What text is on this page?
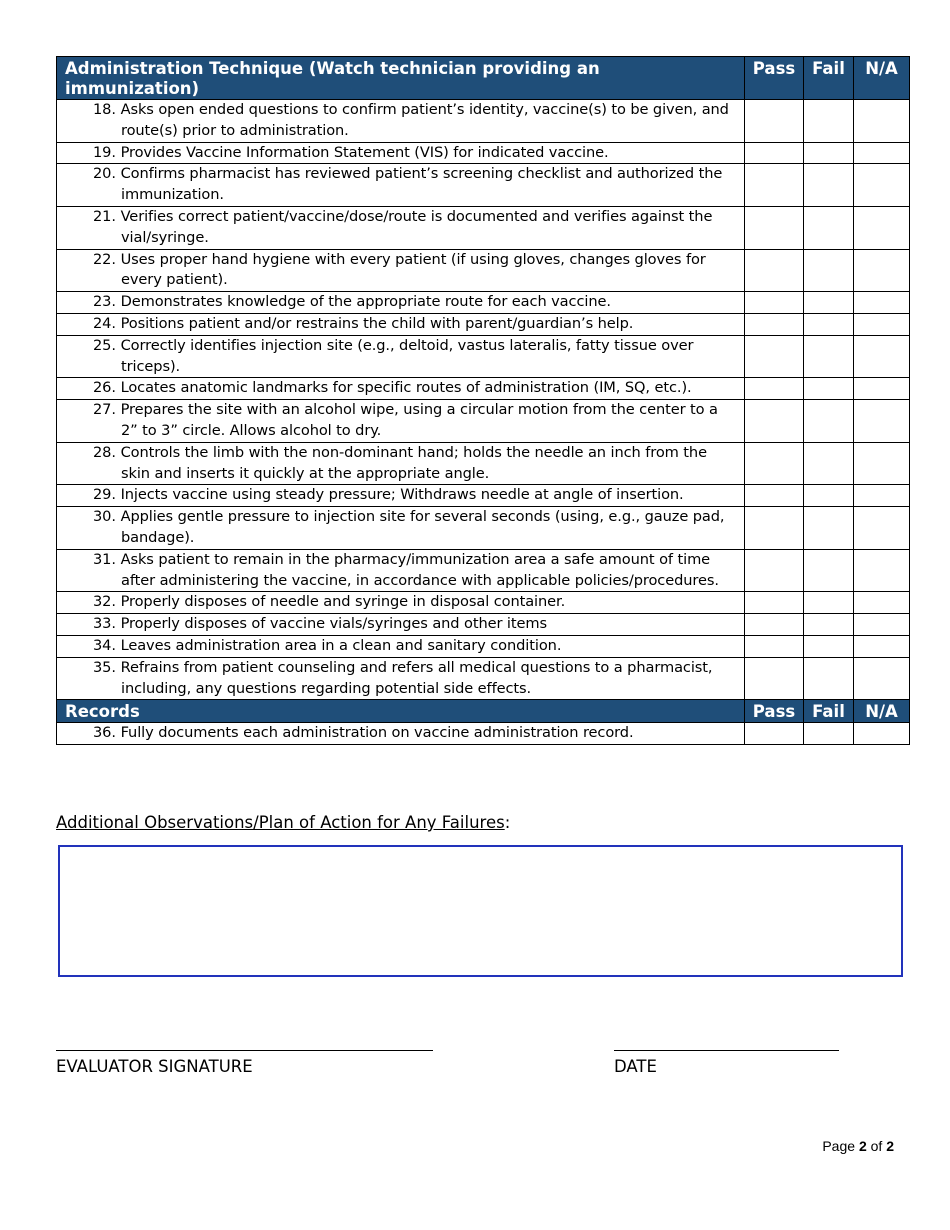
Administration Technique (Watch technician providing an immunization)	Pass	Fail	N/A
18. Asks open ended questions to confirm patient’s identity, vaccine(s) to be given, and route(s) prior to administration.			
19. Provides Vaccine Information Statement (VIS) for indicated vaccine.			
20. Confirms pharmacist has reviewed patient’s screening checklist and authorized the immunization.			
21. Verifies correct patient/vaccine/dose/route is documented and verifies against the vial/syringe.			
22. Uses proper hand hygiene with every patient (if using gloves, changes gloves for every patient).			
23. Demonstrates knowledge of the appropriate route for each vaccine.			
24. Positions patient and/or restrains the child with parent/guardian’s help.			
25. Correctly identifies injection site (e.g., deltoid, vastus lateralis, fatty tissue over triceps).			
26. Locates anatomic landmarks for specific routes of administration (IM, SQ, etc.).			
27. Prepares the site with an alcohol wipe, using a circular motion from the center to a 2” to 3” circle. Allows alcohol to dry.			
28. Controls the limb with the non-dominant hand; holds the needle an inch from the skin and inserts it quickly at the appropriate angle.			
29. Injects vaccine using steady pressure; Withdraws needle at angle of insertion.			
30. Applies gentle pressure to injection site for several seconds (using, e.g., gauze pad, bandage).			
31. Asks patient to remain in the pharmacy/immunization area a safe amount of time after administering the vaccine, in accordance with applicable policies/procedures.			
32. Properly disposes of needle and syringe in disposal container.			
33. Properly disposes of vaccine vials/syringes and other items			
34. Leaves administration area in a clean and sanitary condition.			
35. Refrains from patient counseling and refers all medical questions to a pharmacist, including, any questions regarding potential side effects.			
Records	Pass	Fail	N/A
36. Fully documents each administration on vaccine administration record.			
Additional Observations/Plan of Action for Any Failures:
EVALUATOR SIGNATURE	DATE
Page 2 of 2
